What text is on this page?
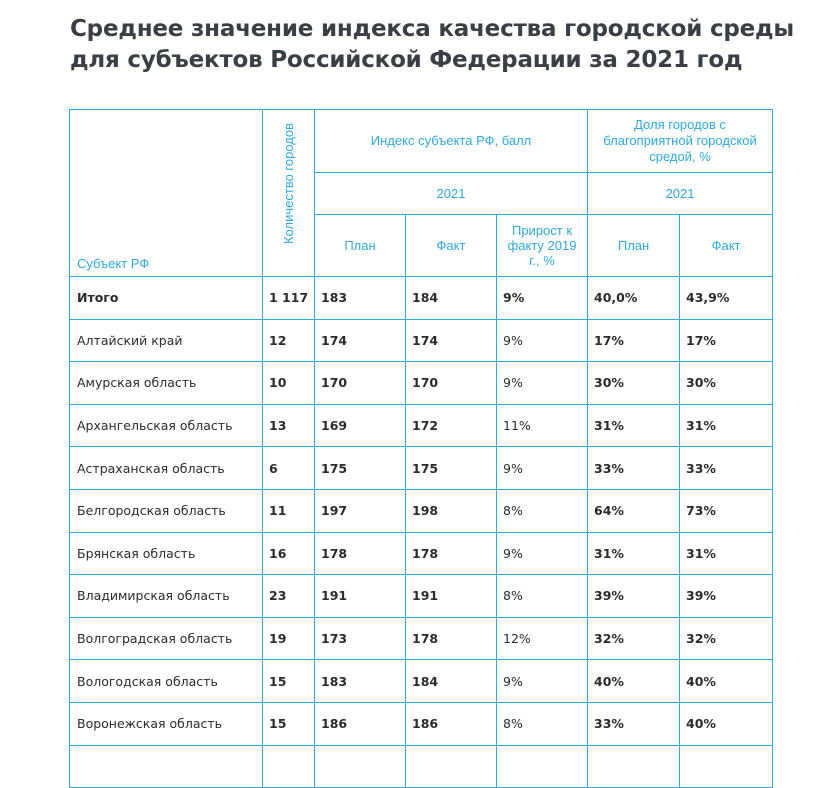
Среднее значение индекса качества городской среды
для субъектов Российской Федерации за 2021 год
Субъект РФ	Количество городов	Индекс субъекта РФ, балл			Доля городов с благоприятной городской средой, %	
		2021			2021	
		План	Факт	Прирост к факту 2019 г., %	План	Факт
Итого	1 117	183	184	9%	40,0%	43,9%
Алтайский край	12	174	174	9%	17%	17%
Амурская область	10	170	170	9%	30%	30%
Архангельская область	13	169	172	11%	31%	31%
Астраханская область	6	175	175	9%	33%	33%
Белгородская область	11	197	198	8%	64%	73%
Брянская область	16	178	178	9%	31%	31%
Владимирская область	23	191	191	8%	39%	39%
Волгоградская область	19	173	178	12%	32%	32%
Вологодская область	15	183	184	9%	40%	40%
Воронежская область	15	186	186	8%	33%	40%
